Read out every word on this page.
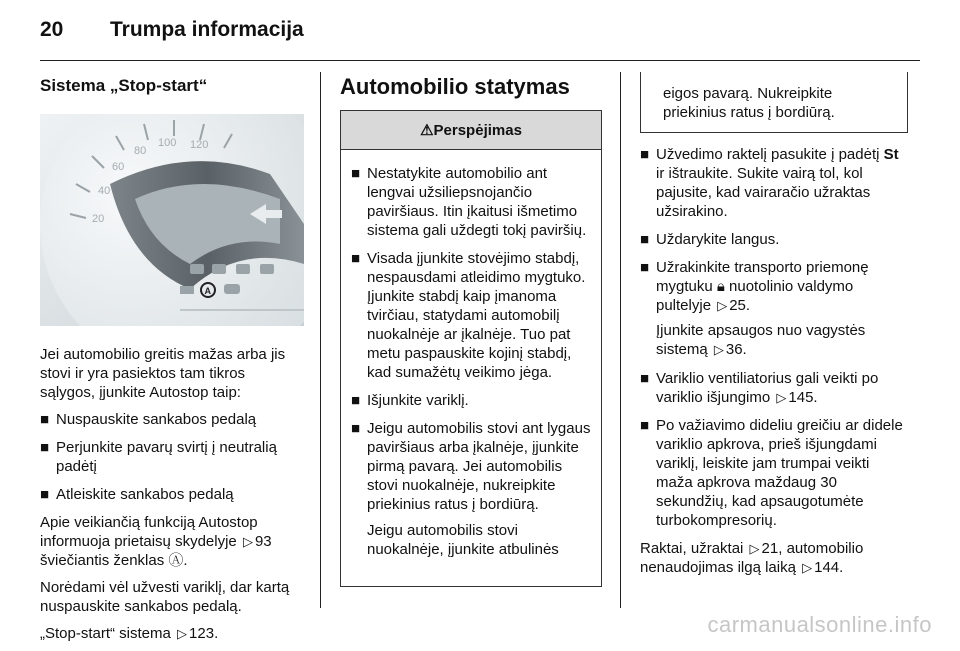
20 Trumpa informacija
Sistema „Stop-start“
20
40
60
80
100 120
A

Jei automobilio greitis mažas arba jis stovi ir yra pasiektos tam tikros sąlygos, įjunkite Autostop taip:

■ Nuspauskite sankabos pedalą
■ Perjunkite pavarų svirtį į neutralią padėtį
■ Atleiskite sankabos pedalą

Apie veikiančią funkciją Autostop informuoja prietaisų skydelyje ▷ 93 šviečiantis ženklas Ⓐ.

Norėdami vėl užvesti variklį, dar kartą nuspauskite sankabos pedalą.

„Stop-start“ sistema ▷ 123.

Automobilio statymas
⚠ Perspėjimas
■ Nestatykite automobilio ant lengvai užsiliepsnojančio paviršiaus. Itin įkaitusi išmetimo sistema gali uždegti tokį paviršių.
■ Visada įjunkite stovėjimo stabdį, nespausdami atleidimo mygtuko. Įjunkite stabdį kaip įmanoma tvirčiau, statydami automobilį nuokalnėje ar įkalnėje. Tuo pat metu paspauskite kojinį stabdį, kad sumažėtų veikimo jėga.
■ Išjunkite variklį.
■ Jeigu automobilis stovi ant lygaus paviršiaus arba įkalnėje, įjunkite pirmą pavarą. Jei automobilis stovi nuokalnėje, nukreipkite priekinius ratus į bordiūrą.

Jeigu automobilis stovi nuokalnėje, įjunkite atbulinės

eigos pavarą. Nukreipkite priekinius ratus į bordiūrą.

■ Užvedimo raktelį pasukite į padėtį St ir ištraukite. Sukite vairą tol, kol pajusite, kad vairaračio užraktas užsirakino.
■ Uždarykite langus.
■ Užrakinkite transporto priemonę mygtuku 🔒︎ nuotolinio valdymo pultelyje ▷ 25.

Įjunkite apsaugos nuo vagystės sistemą ▷ 36.

■ Variklio ventiliatorius gali veikti po variklio išjungimo ▷ 145.
■ Po važiavimo dideliu greičiu ar didele variklio apkrova, prieš išjungdami variklį, leiskite jam trumpai veikti maža apkrova maždaug 30 sekundžių, kad apsaugotumėte turbokompresorių.

Raktai, užraktai ▷ 21, automobilio nenaudojimas ilgą laiką ▷ 144.

carmanualsonline.info
